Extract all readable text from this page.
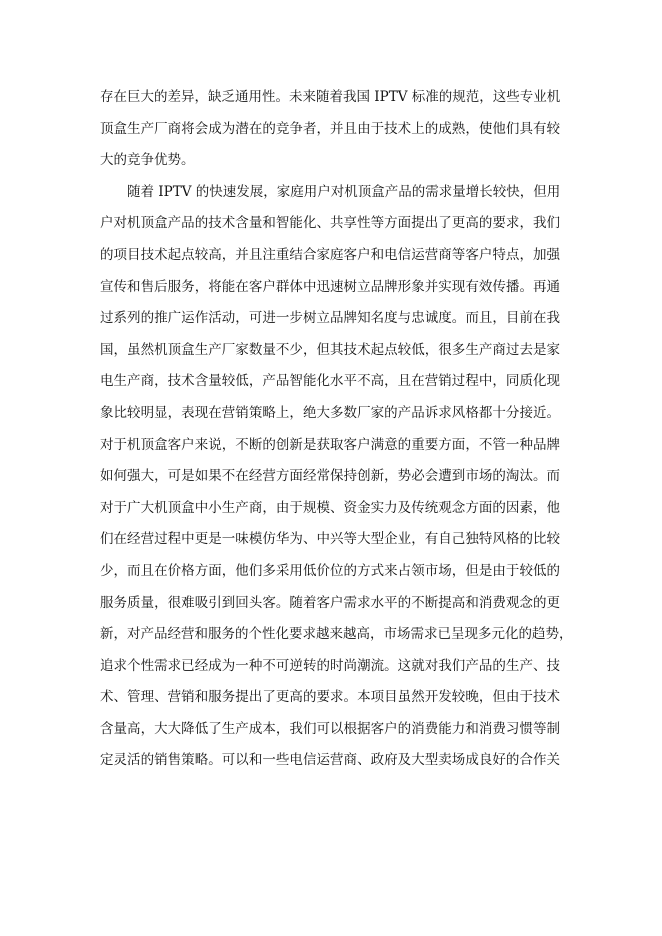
存在巨大的差异，缺乏通用性。未来随着我国 IPTV 标准的规范，这些专业机
顶盒生产厂商将会成为潜在的竞争者，并且由于技术上的成熟，使他们具有较
大的竞争优势。
随着 IPTV 的快速发展，家庭用户对机顶盒产品的需求量增长较快，但用
户对机顶盒产品的技术含量和智能化、共享性等方面提出了更高的要求，我们
的项目技术起点较高，并且注重结合家庭客户和电信运营商等客户特点，加强
宣传和售后服务，将能在客户群体中迅速树立品牌形象并实现有效传播。再通
过系列的推广运作活动，可进一步树立品牌知名度与忠诚度。而且，目前在我
国，虽然机顶盒生产厂家数量不少，但其技术起点较低，很多生产商过去是家
电生产商，技术含量较低，产品智能化水平不高，且在营销过程中，同质化现
象比较明显，表现在营销策略上，绝大多数厂家的产品诉求风格都十分接近。
对于机顶盒客户来说，不断的创新是获取客户满意的重要方面，不管一种品牌
如何强大，可是如果不在经营方面经常保持创新，势必会遭到市场的淘汰。而
对于广大机顶盒中小生产商，由于规模、资金实力及传统观念方面的因素，他
们在经营过程中更是一味模仿华为、中兴等大型企业，有自己独特风格的比较
少，而且在价格方面，他们多采用低价位的方式来占领市场，但是由于较低的
服务质量，很难吸引到回头客。随着客户需求水平的不断提高和消费观念的更
新，对产品经营和服务的个性化要求越来越高，市场需求已呈现多元化的趋势，
追求个性需求已经成为一种不可逆转的时尚潮流。这就对我们产品的生产、技
术、管理、营销和服务提出了更高的要求。本项目虽然开发较晚，但由于技术
含量高，大大降低了生产成本，我们可以根据客户的消费能力和消费习惯等制
定灵活的销售策略。可以和一些电信运营商、政府及大型卖场成良好的合作关
